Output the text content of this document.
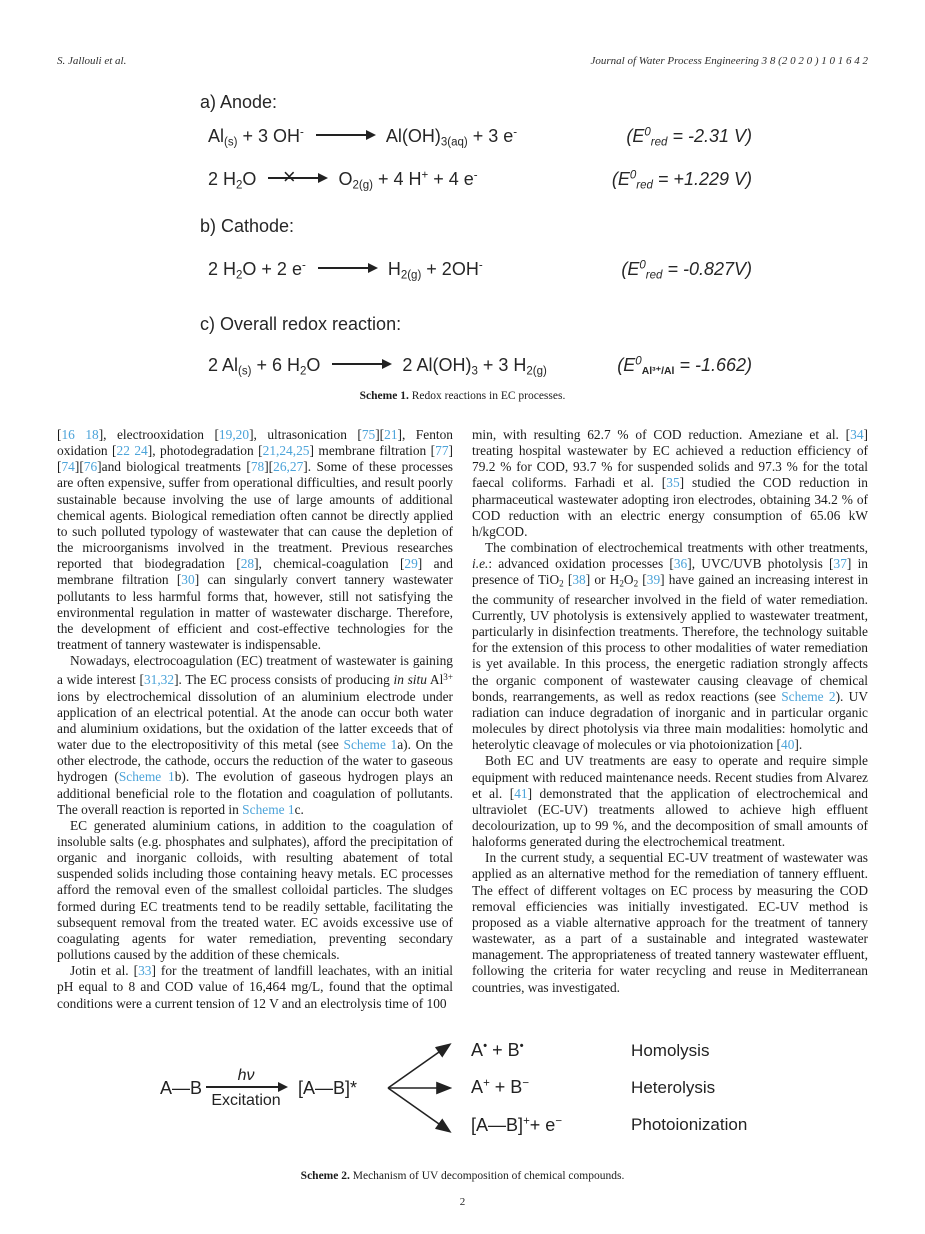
S. Jallouli et al.	Journal of Water Process Engineering 3 8 (2 0 2 0 ) 1 0 1 6 4 2
a) Anode:
$Al_{(s)} + 3$ OH-	$Al(OH)_{3(aq)} + 3$ e-	($E^0_{red} = -2.31$ V)
2 $H_2O$ ×	$O_{2(g)} + 4$ H+ + 4 e-	($E^0_{red} = +1.229$ V)
b) Cathode:
2 $H_2O + 2$ e-	$H_{2(g)} + 2OH^-$	$(E^0_{red} = -0.827V)$
c) Overall redox reaction:
2 $Al_{(s)} + 6$ $H_2O$	2 $Al(OH)_3 + 3$ $H_{2(g)}$	$(E^0_{Al^{3+}/Al} = -1.662)$
Scheme 1. Redox reactions in EC processes.

[16 18], electrooxidation [19,20], ultrasonication [75][21], Fenton oxidation [22 24], photodegradation [21,24,25] membrane filtration [77][74][76]and biological treatments [78][26,27]. Some of these processes are often expensive, suffer from operational difficulties, and result poorly sustainable because involving the use of large amounts of additional chemical agents. Biological remediation often cannot be directly applied to such polluted typology of wastewater that can cause the depletion of the microorganisms involved in the treatment. Previous researches reported that biodegradation [28], chemical-coagulation [29] and membrane filtration [30] can singularly convert tannery wastewater pollutants to less harmful forms that, however, still not satisfying the environmental regulation in matter of wastewater discharge. Therefore, the development of efficient and cost-effective technologies for the treatment of tannery wastewater is indispensable.

Nowadays, electrocoagulation (EC) treatment of wastewater is gaining a wide interest [31,32]. The EC process consists of producing in situ $Al^{3+}$ ions by electrochemical dissolution of an aluminium electrode under application of an electrical potential. At the anode can occur both water and aluminium oxidations, but the oxidation of the latter exceeds that of water due to the electropositivity of this metal (see Scheme 1a). On the other electrode, the cathode, occurs the reduction of the water to gaseous hydrogen (Scheme 1b). The evolution of gaseous hydrogen plays an additional beneficial role to the flotation and coagulation of pollutants. The overall reaction is reported in Scheme 1c.

EC generated aluminium cations, in addition to the coagulation of insoluble salts (e.g. phosphates and sulphates), afford the precipitation of organic and inorganic colloids, with resulting abatement of total suspended solids including those containing heavy metals. EC processes afford the removal even of the smallest colloidal particles. The sludges formed during EC treatments tend to be readily settable, facilitating the subsequent removal from the treated water. EC avoids excessive use of coagulating agents for water remediation, preventing secondary pollutions caused by the addition of these chemicals.

Jotin et al. [33] for the treatment of landfill leachates, with an initial pH equal to 8 and COD value of 16,464 mg/L, found that the optimal conditions were a current tension of 12 V and an electrolysis time of 100

min, with resulting 62.7 % of COD reduction. Ameziane et al. [34] treating hospital wastewater by EC achieved a reduction efficiency of 79.2 % for COD, 93.7 % for suspended solids and 97.3 % for the total faecal coliforms. Farhadi et al. [35] studied the COD reduction in pharmaceutical wastewater adopting iron electrodes, obtaining 34.2 % of COD reduction with an electric energy consumption of 65.06 kW h/kgCOD.

The combination of electrochemical treatments with other treatments, i.e.: advanced oxidation processes [36], UVC/UVB photolysis [37] in presence of TiO$_2$ [38] or $H_2O_2$ [39] have gained an increasing interest in the community of researcher involved in the field of water remediation. Currently, UV photolysis is extensively applied to wastewater treatment, particularly in disinfection treatments. Therefore, the technology suitable for the extension of this process to other modalities of water remediation is yet available. In this process, the energetic radiation strongly affects the organic component of wastewater causing cleavage of chemical bonds, rearrangements, as well as redox reactions (see Scheme 2). UV radiation can induce degradation of inorganic and in particular organic molecules by direct photolysis via three main modalities: homolytic and heterolytic cleavage of molecules or via photoionization [40].

Both EC and UV treatments are easy to operate and require simple equipment with reduced maintenance needs. Recent studies from Alvarez et al. [41] demonstrated that the application of electrochemical and ultraviolet (EC-UV) treatments allowed to achieve high effluent decolourization, up to 99 %, and the decomposition of small amounts of haloforms generated during the electrochemical treatment.

In the current study, a sequential EC-UV treatment of wastewater was applied as an alternative method for the remediation of tannery effluent. The effect of different voltages on EC process by measuring the COD removal efficiencies was initially investigated. EC-UV method is proposed as a viable alternative approach for the treatment of tannery wastewater, as a part of a sustainable and integrated wastewater management. The appropriateness of treated tannery wastewater effluent, following the criteria for water recycling and reuse in Mediterranean countries, was investigated.

A—B
hν
Excitation
[A—B]*
A• + B•	Homolysis
A+ + B−	Heterolysis
[A—B]++ e−	Photoionization
Scheme 2. Mechanism of UV decomposition of chemical compounds.
2
